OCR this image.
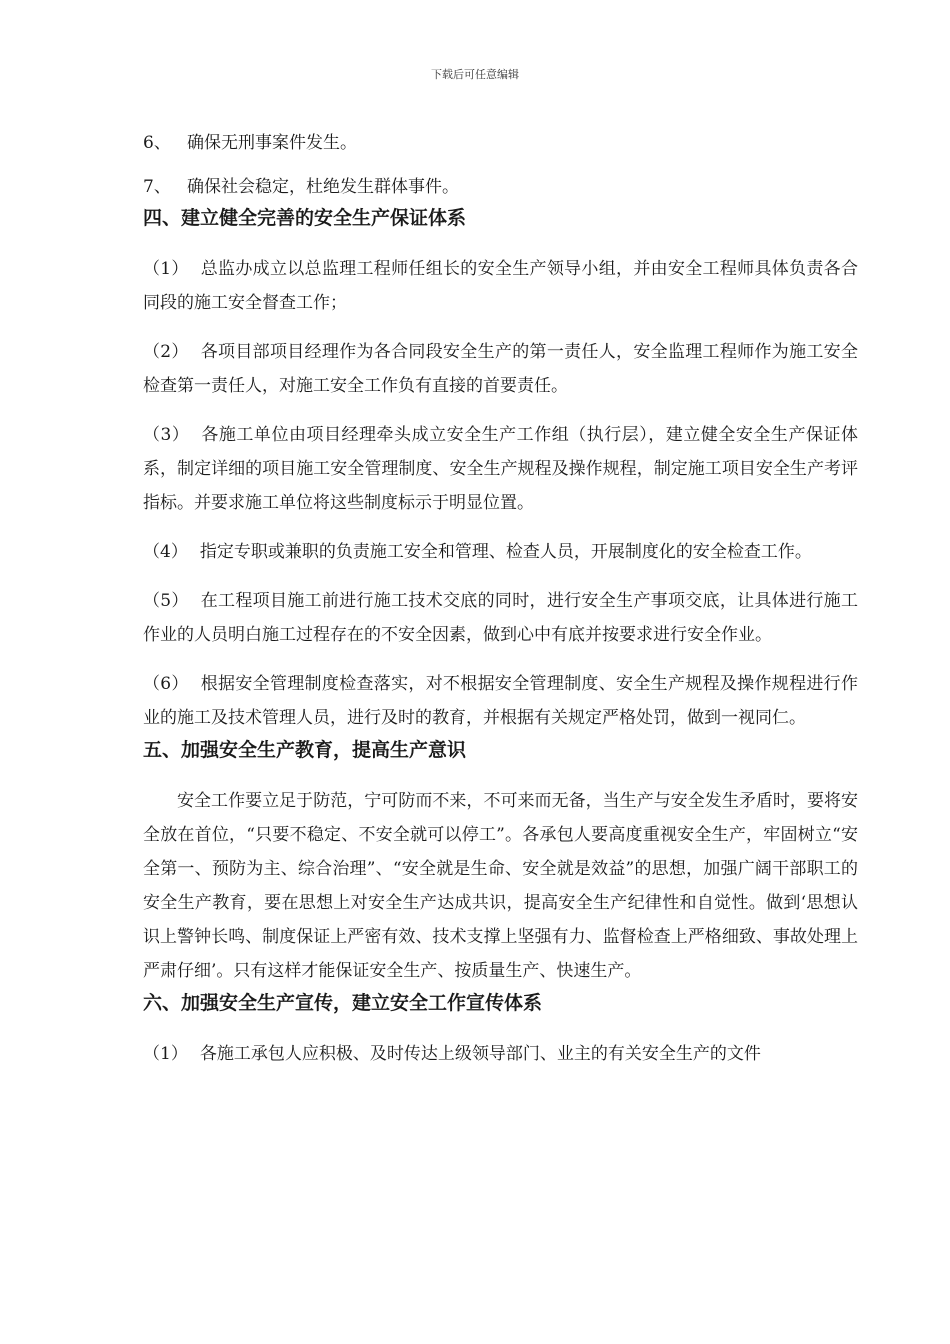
下载后可任意编辑
6、 确保无刑事案件发生。
7、 确保社会稳定，杜绝发生群体事件。
四、建立健全完善的安全生产保证体系
（1） 总监办成立以总监理工程师任组长的安全生产领导小组，并由安全工程师具体负责各合同段的施工安全督查工作；
（2） 各项目部项目经理作为各合同段安全生产的第一责任人，安全监理工程师作为施工安全检查第一责任人，对施工安全工作负有直接的首要责任。
（3） 各施工单位由项目经理牵头成立安全生产工作组（执行层），建立健全安全生产保证体系，制定详细的项目施工安全管理制度、安全生产规程及操作规程，制定施工项目安全生产考评指标。并要求施工单位将这些制度标示于明显位置。
（4） 指定专职或兼职的负责施工安全和管理、检查人员，开展制度化的安全检查工作。
（5） 在工程项目施工前进行施工技术交底的同时，进行安全生产事项交底，让具体进行施工作业的人员明白施工过程存在的不安全因素，做到心中有底并按要求进行安全作业。
（6） 根据安全管理制度检查落实，对不根据安全管理制度、安全生产规程及操作规程进行作业的施工及技术管理人员，进行及时的教育，并根据有关规定严格处罚，做到一视同仁。
五、加强安全生产教育，提高生产意识
安全工作要立足于防范，宁可防而不来，不可来而无备，当生产与安全发生矛盾时，要将安全放在首位，“只要不稳定、不安全就可以停工”。各承包人要高度重视安全生产，牢固树立“安全第一、预防为主、综合治理”、“安全就是生命、安全就是效益”的思想，加强广阔干部职工的安全生产教育，要在思想上对安全生产达成共识，提高安全生产纪律性和自觉性。做到‘思想认识上警钟长鸣、制度保证上严密有效、技术支撑上坚强有力、监督检查上严格细致、事故处理上严肃仔细’。只有这样才能保证安全生产、按质量生产、快速生产。
六、加强安全生产宣传，建立安全工作宣传体系
（1） 各施工承包人应积极、及时传达上级领导部门、业主的有关安全生产的文件
